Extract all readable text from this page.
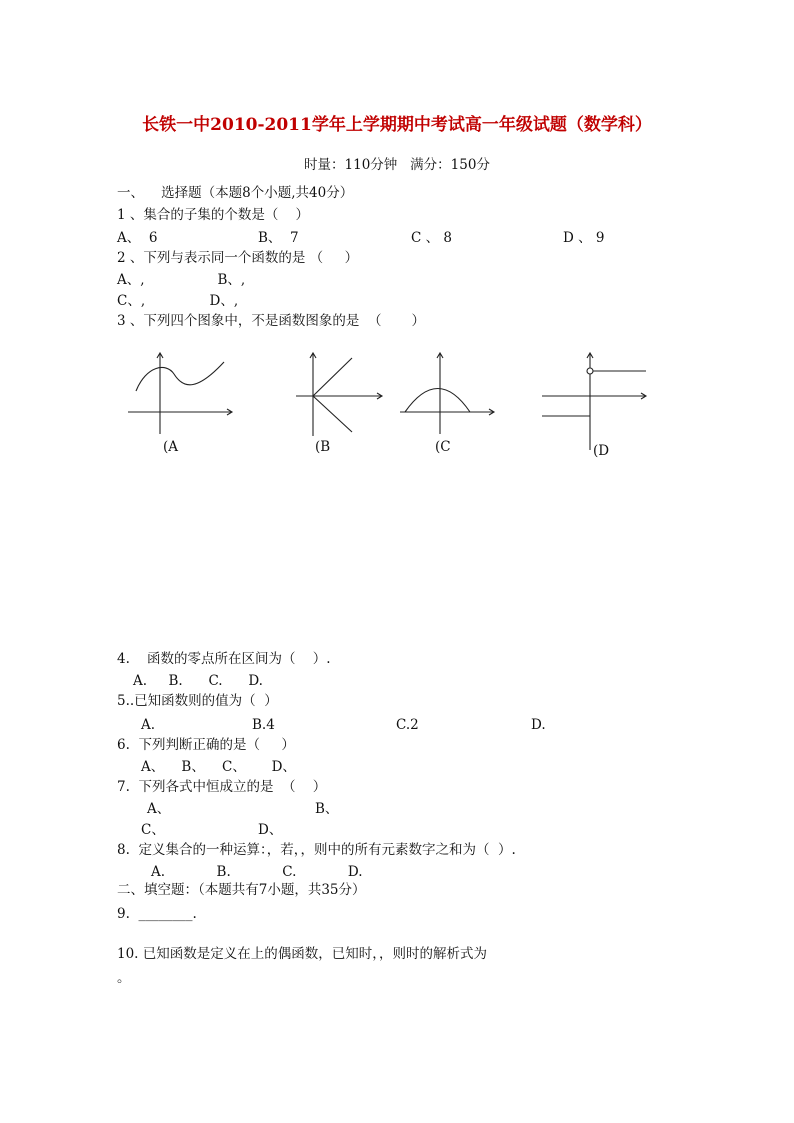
长铁一中2010-2011学年上学期期中考试高一年级试题（数学科）
时量：110分钟   满分：150分
一、    选择题（本题8个小题,共40分）
1 、集合的子集的个数是（    ）
A、  6	B、  7	C 、 8	D 、 9
2 、下列与表示同一个函数的是 （     ）
A、,                 B、,
C、,               D、,
3 、下列四个图象中，不是函数图象的是  （       ）
(A	(B	(C	(D
4.    函数的零点所在区间为（    ）.
A.     B.      C.      D.
5..已知函数则的值为（  ）
A.	B.4	C.2	D.
6.  下列判断正确的是（     ）
A、    B、    C、      D、
7.  下列各式中恒成立的是  （    ）
A、	B、
C、	D、
8.  定义集合的一种运算：，若，，则中的所有元素数字之和为（  ）.
A.            B.            C.            D.
二、填空题：（本题共有7小题，共35分）
9.  ________.
10. 已知函数是定义在上的偶函数，已知时，，则时的解析式为
。
